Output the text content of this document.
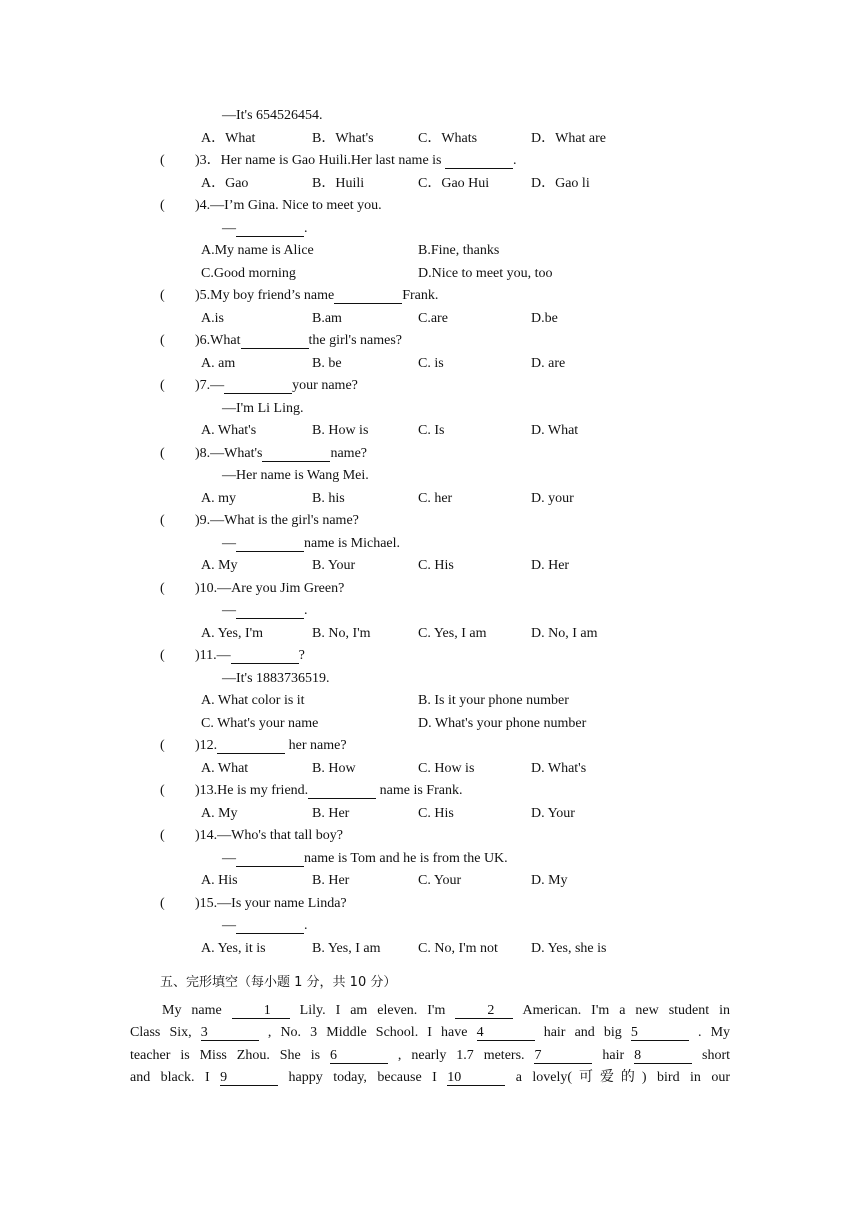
—It's 654526454.
A．What	B．What's	C．Whats	D．What are
( )3．Her name is Gao Huili.Her last name is	.
A．Gao	B．Huili	C．Gao Hui	D．Gao li
( )4.—I’m Gina. Nice to meet you.
—	.
A.My name is Alice	B.Fine, thanks
C.Good morning	D.Nice to meet you, too
( )5.My boy friend’s name	Frank.
A.is	B.am	C.are	D.be
( )6.What	the girl's names?
A. am	B. be	C. is	D. are
( )7.—	your name?
—I'm Li Ling.
A. What's	B. How is	C. Is	D. What
( )8.—What's	name?
—Her name is Wang Mei.
A. my	B. his	C. her	D. your
( )9.—What is the girl's name?
—	name is Michael.
A. My	B. Your	C. His	D. Her
( )10.—Are you Jim Green?
—	.
A. Yes, I'm	B. No, I'm	C. Yes, I am	D. No, I am
( )11.—	?
—It's 1883736519.
A. What color is it	B. Is it your phone number
C. What's your name	D. What's your phone number
( )12.	her name?
A. What	B. How	C. How is	D. What's
( )13.He is my friend.	name is Frank.
A. My	B. Her	C. His	D. Your
( )14.—Who's that tall boy?
—	name is Tom and he is from the UK.
A. His	B. Her	C. Your	D. My
( )15.—Is your name Linda?
—	.
A. Yes, it is	B. Yes, I am	C. No, I'm not D. Yes, she is
五、完形填空（每小题 1 分，共 10 分）
My name	1 Lily. I am eleven. I'm	2 American. I'm a new student in
Class Six, 3	, No. 3 Middle School. I have 4	hair and big 5	. My
teacher is Miss Zhou. She is 6	, nearly 1.7 meters. 7	hair 8	short
and black. I 9	happy today, because I 10	a lovely(可爱的) bird in our
